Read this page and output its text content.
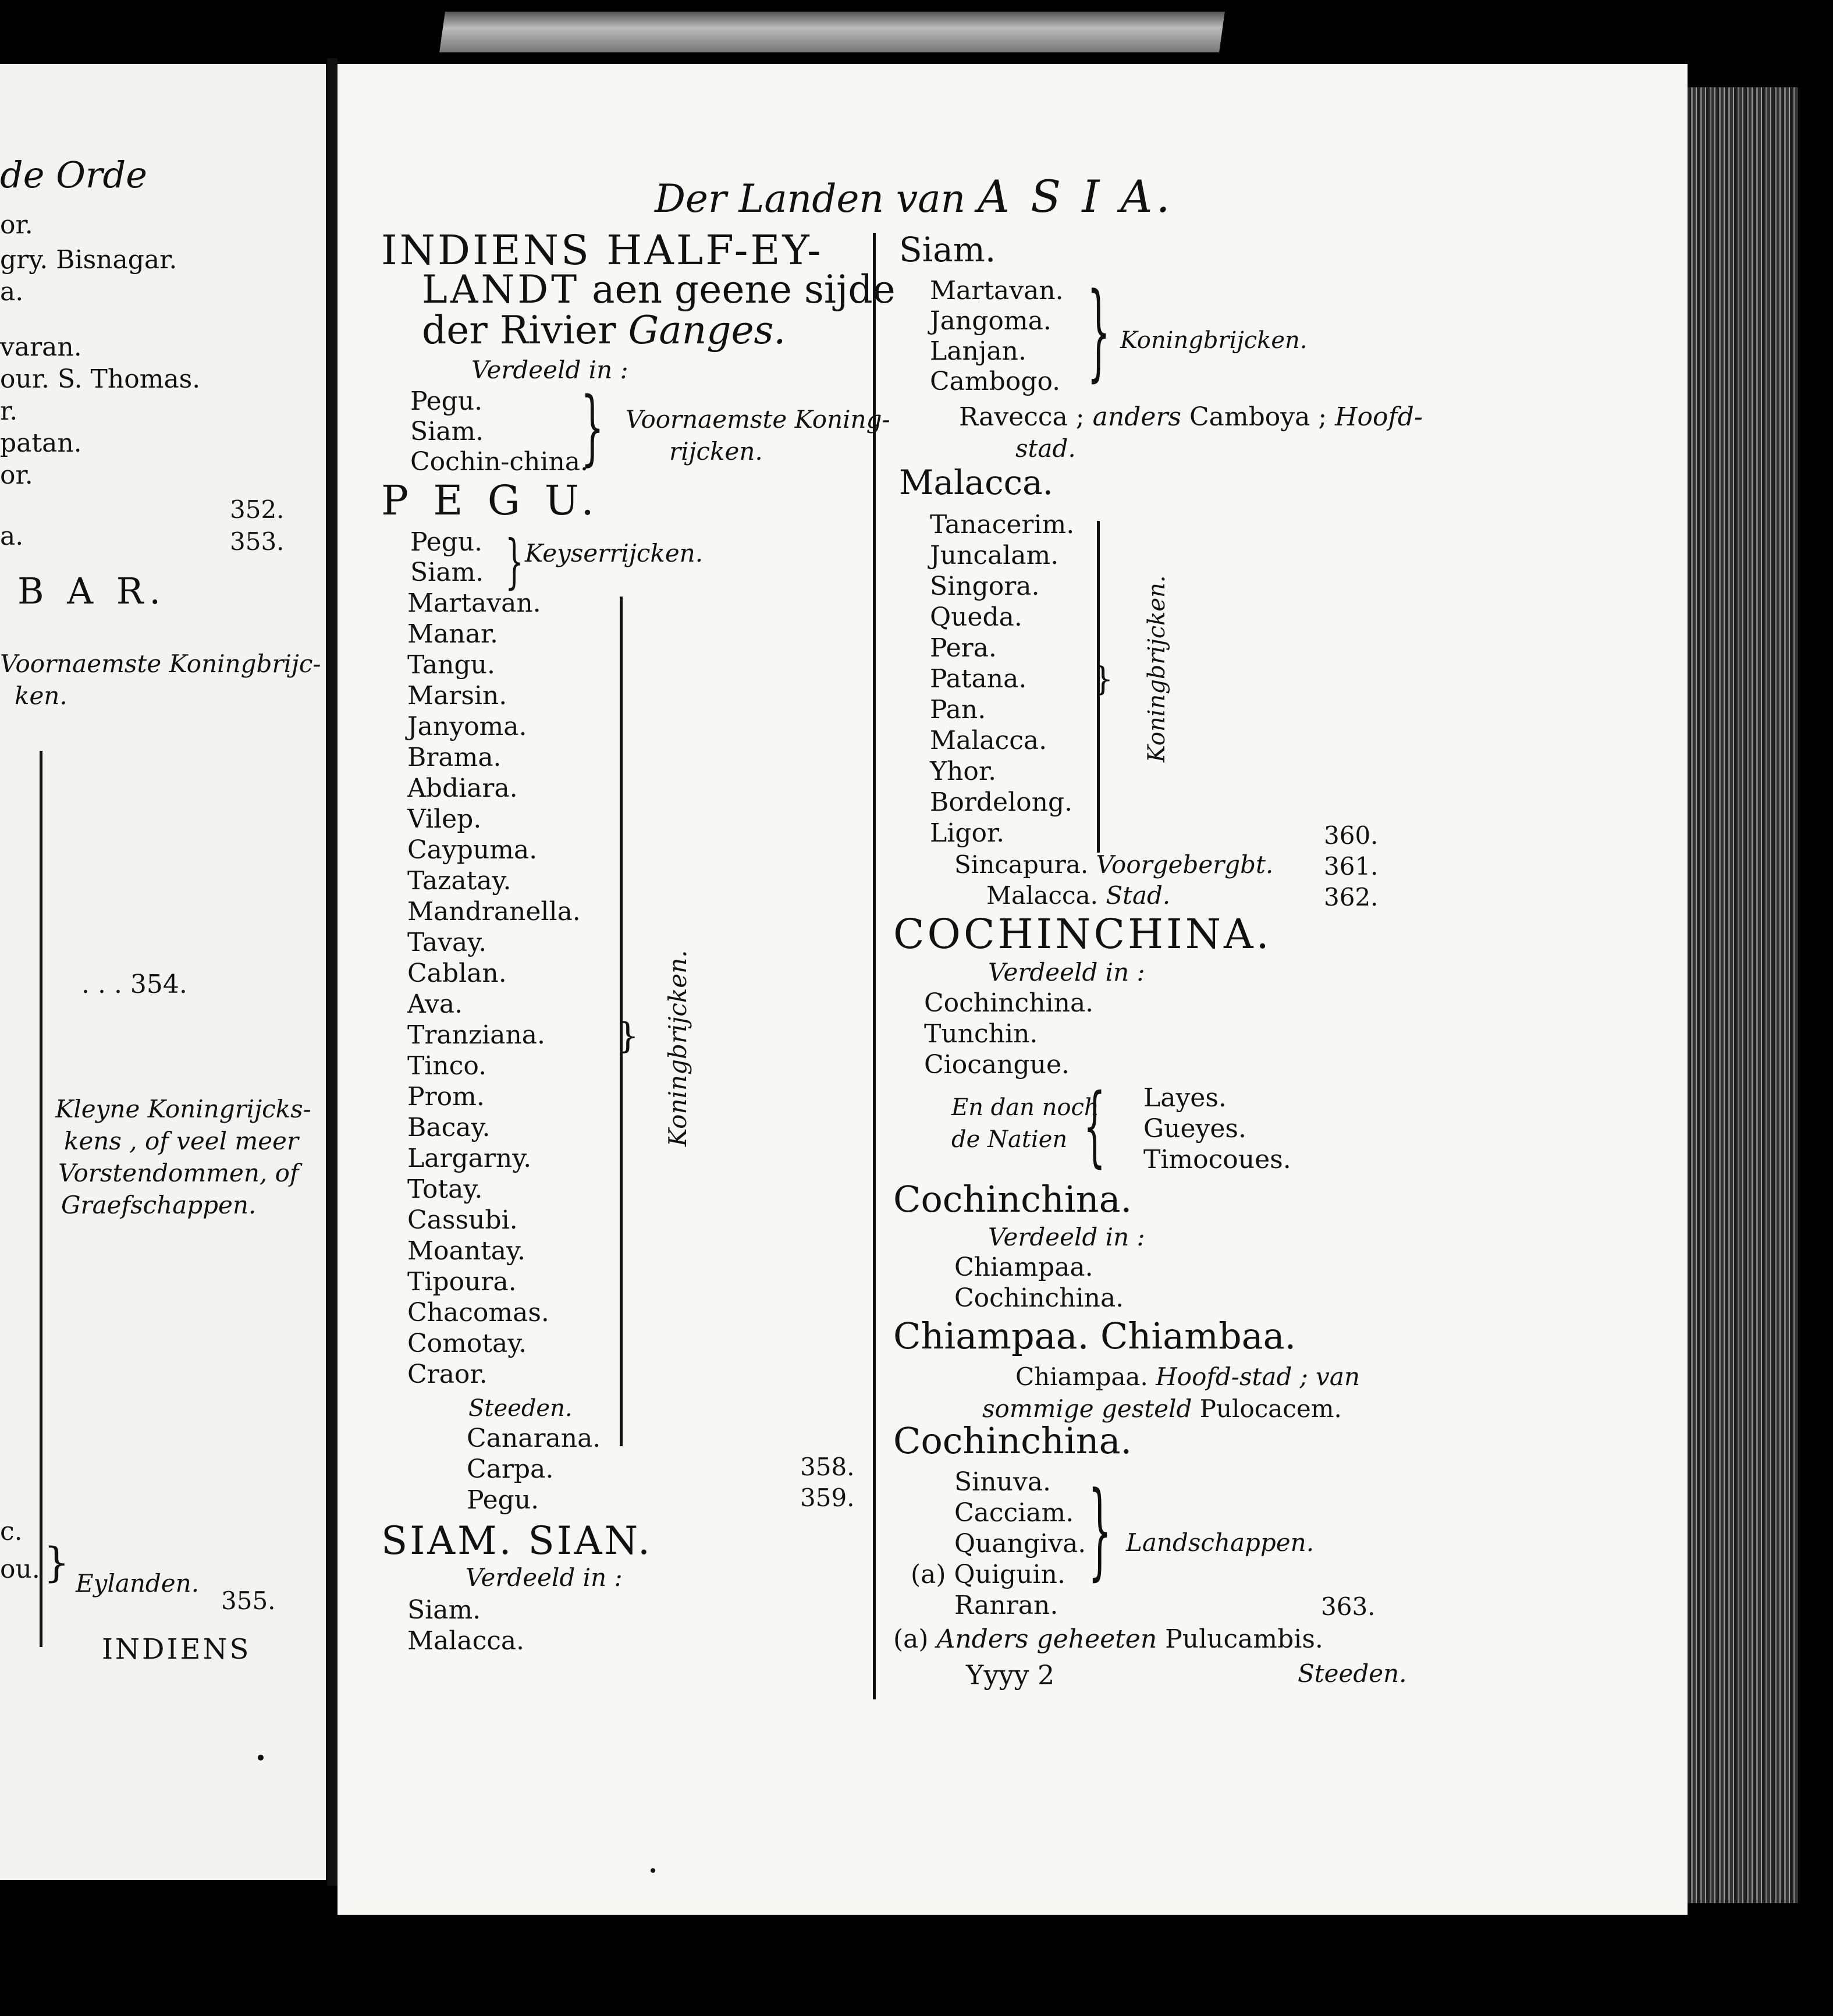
de Orde
or.
gry. Bisnagar.
a.
varan.
our. S. Thomas.
r.
patan.
or.
a.
352.
353.
B A R.
Voornaemste Koningbrijc-
ken.
. . . 354.
Kleyne Koningrijcks-
kens , of veel meer
Vorstendommen, of
Graefschappen.
c.
ou. } Eylanden.
355.
INDIENS
Der Landen van A S I A.
INDIENS HALF-EY-
LANDT aen geene sijde
der Rivier Ganges.
Verdeeld in :
Pegu.
Siam.
Cochin-china.
} Voornaemste Koning-
rijcken.
P E G U.
Pegu.
Siam. } Keyserrijcken.
Martavan.
Manar.
Tangu.
Marsin.
Janyoma.
Brama.
Abdiara.
Vilep.
Caypuma.
Tazatay.
Mandranella.
Tavay.
Cablan.
Ava.
Tranziana.
Tinco.
Prom.
Bacay.
Largarny.
Totay.
Cassubi.
Moantay.
Tipoura.
Chacomas.
Comotay.
Craor.
} Koningbrijcken.
Steeden.
Canarana.
Carpa.
Pegu.
358.
359.
SIAM. SIAN.
Verdeeld in :
Siam.
Malacca.
Siam.
Martavan.
Jangoma.
Lanjan.
Cambogo. } Koningbrijcken.
Ravecca ; anders Camboya ; Hoofd-
stad.
Malacca.
Tanacerim.
Juncalam.
Singora.
Queda.
Pera.
Patana.
Pan.
Malacca.
Yhor.
Bordelong.
Ligor.
} Koningbrijcken.
Sincapura. Voorgebergbt.
Malacca. Stad.
360.
361.
362.
COCHINCHINA.
Verdeeld in :
Cochinchina.
Tunchin.
Ciocangue.
En dan noch
de Natien } Layes.
Gueyes.
Timocoues.
Cochinchina.
Verdeeld in :
Chiampaa.
Cochinchina.
Chiampaa. Chiambaa.
Chiampaa. Hoofd-stad ; van
sommige gesteld Pulocacem.
Cochinchina.
Sinuva.
Cacciam.
Quangiva.
(a) Quiguin.
Ranran.
} Landschappen.
363.
(a) Anders geheeten Pulucambis.
Yyyy 2	Steeden.
